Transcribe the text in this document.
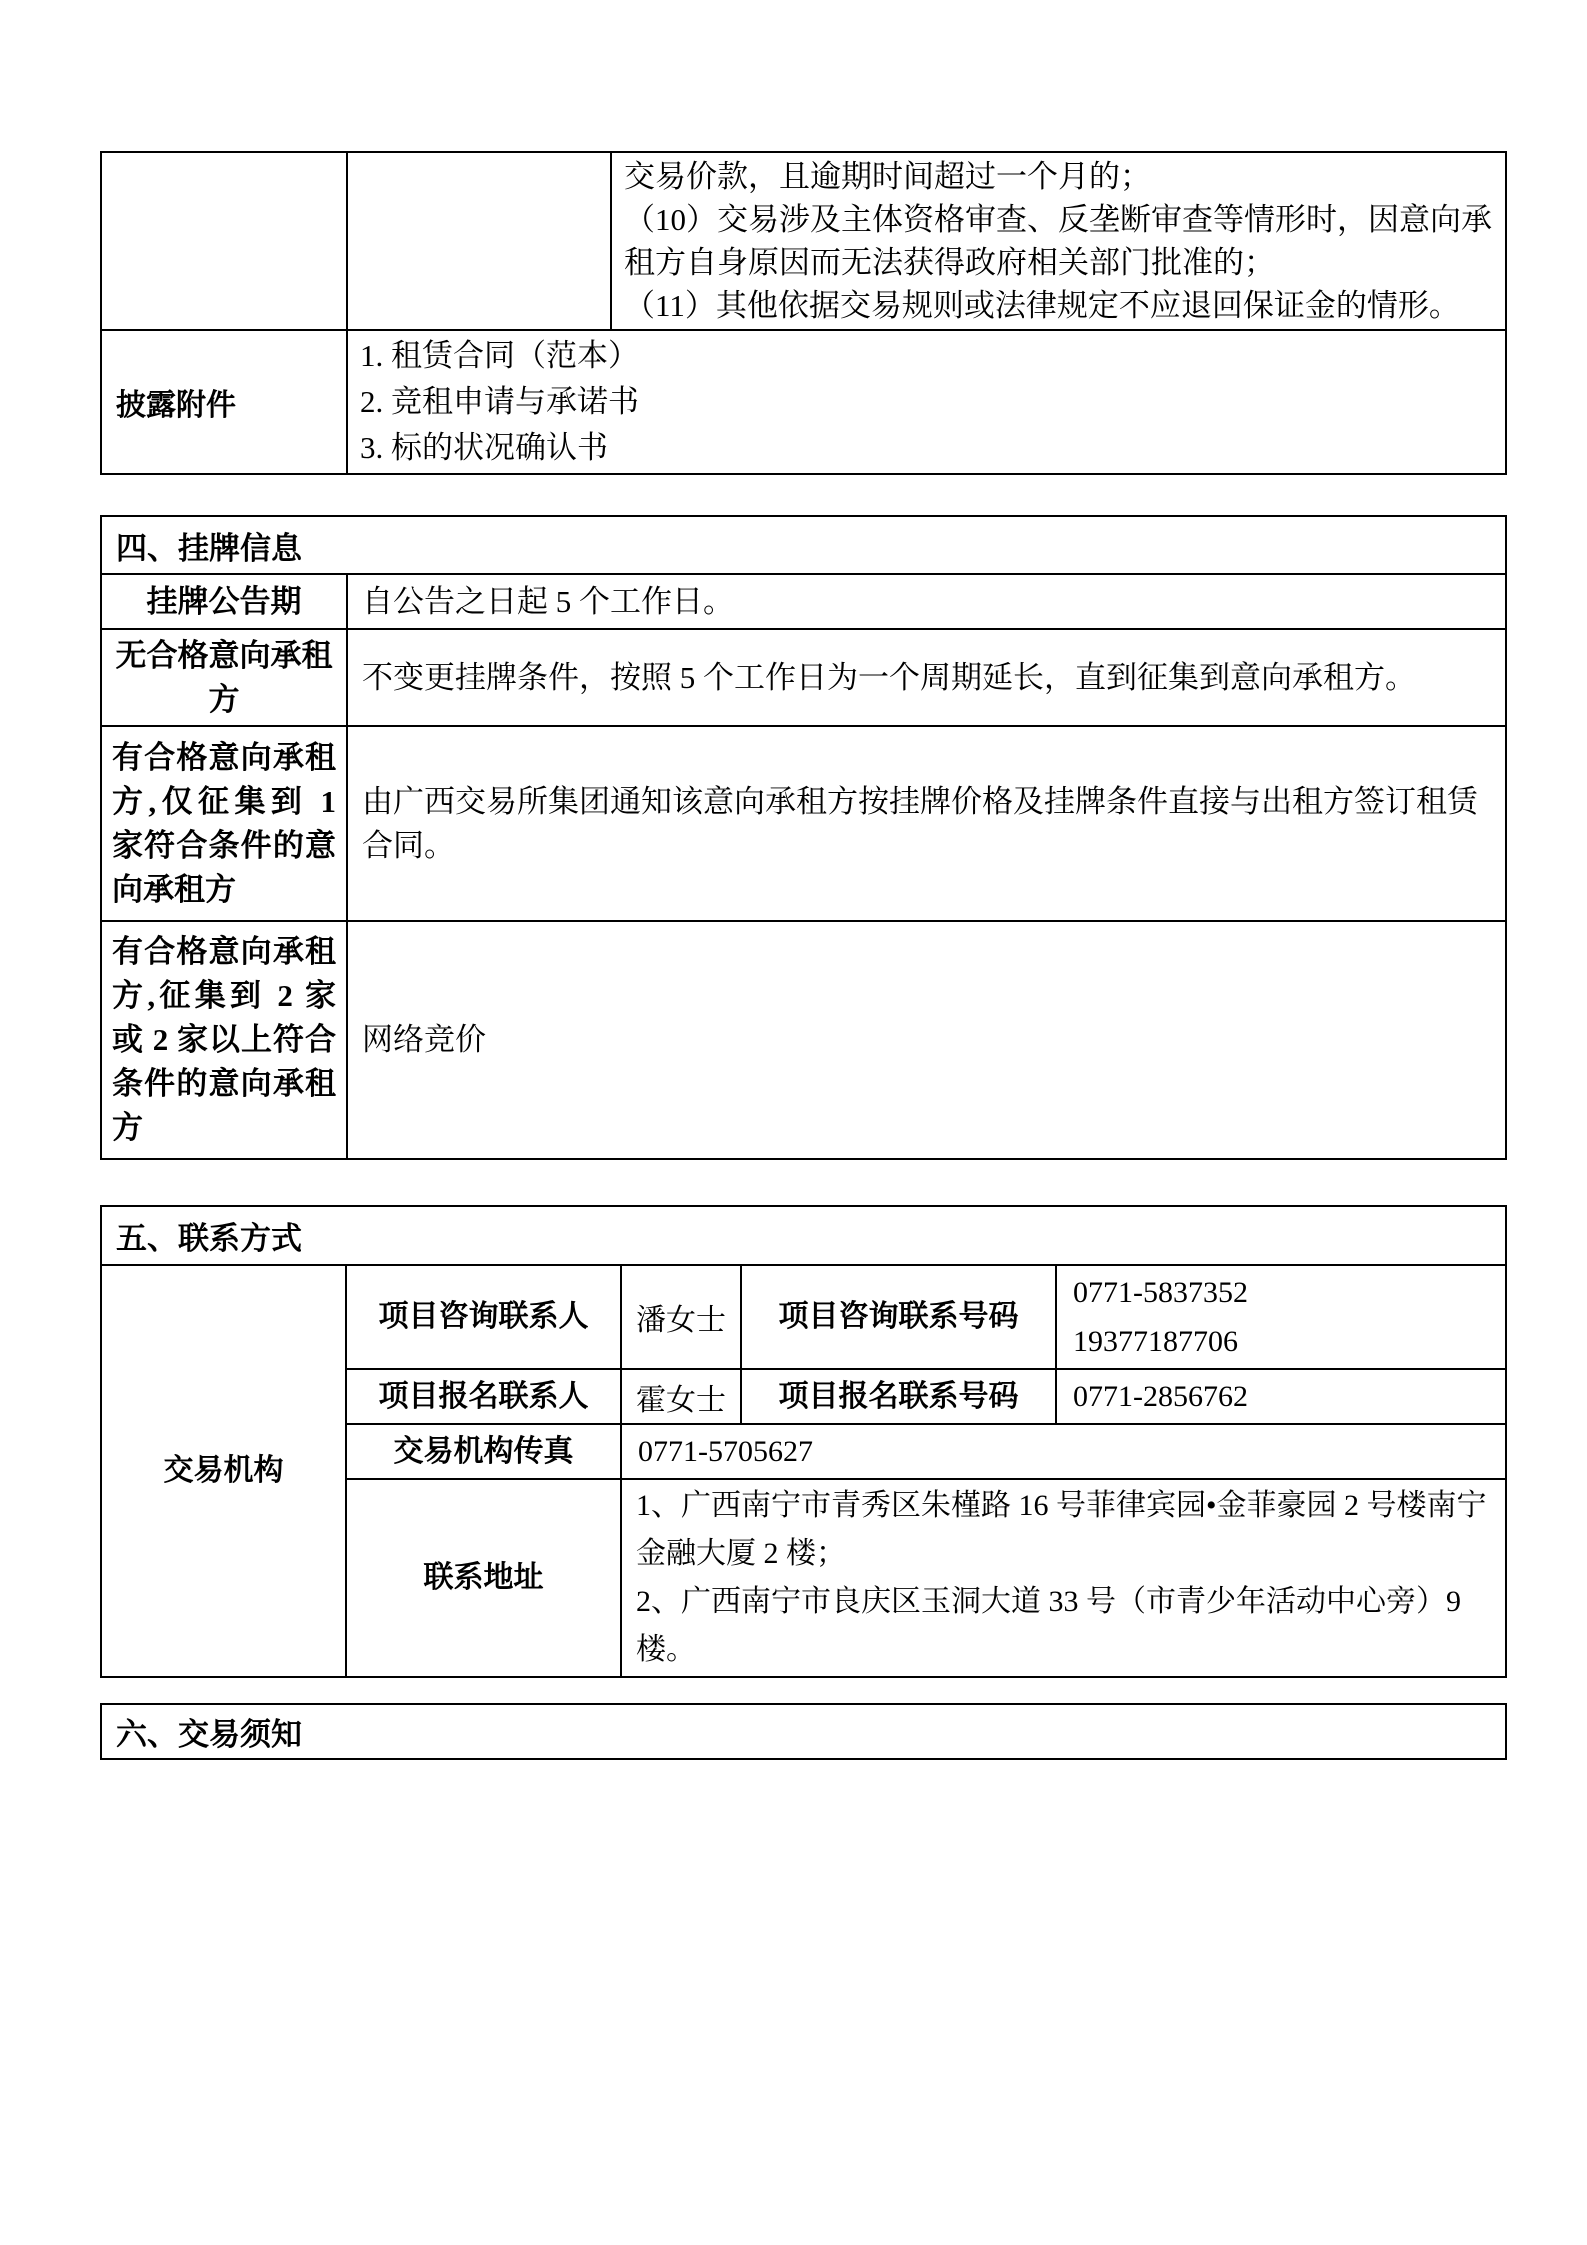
		交易价款，且逾期时间超过一个月的；
（10）交易涉及主体资格审查、反垄断审查等情形时，因意向承租方自身原因而无法获得政府相关部门批准的；
（11）其他依据交易规则或法律规定不应退回保证金的情形。

披露附件	1. 租赁合同（范本）
2. 竞租申请与承诺书
3. 标的状况确认书	
四、挂牌信息	
挂牌公告期	自公告之日起 5 个工作日。
无合格意向承租方	不变更挂牌条件，按照 5 个工作日为一个周期延长，直到征集到意向承租方。
有合格意向承租方,仅征集到 1 家符合条件的意向承租方	由广西交易所集团通知该意向承租方按挂牌价格及挂牌条件直接与出租方签订租赁合同。
有合格意向承租方,征集到 2 家或 2 家以上符合条件的意向承租方	网络竞价
五、联系方式				
交易机构	项目咨询联系人	潘女士	项目咨询联系号码	0771-5837352
19377187706

	项目报名联系人	霍女士	项目报名联系号码	0771-2856762
	交易机构传真	0771-5705627		
	联系地址	1、广西南宁市青秀区朱槿路 16 号菲律宾园•金菲豪园 2 号楼南宁金融大厦 2 楼；
2、广西南宁市良庆区玉洞大道 33 号（市青少年活动中心旁）9 楼。		
六、交易须知
